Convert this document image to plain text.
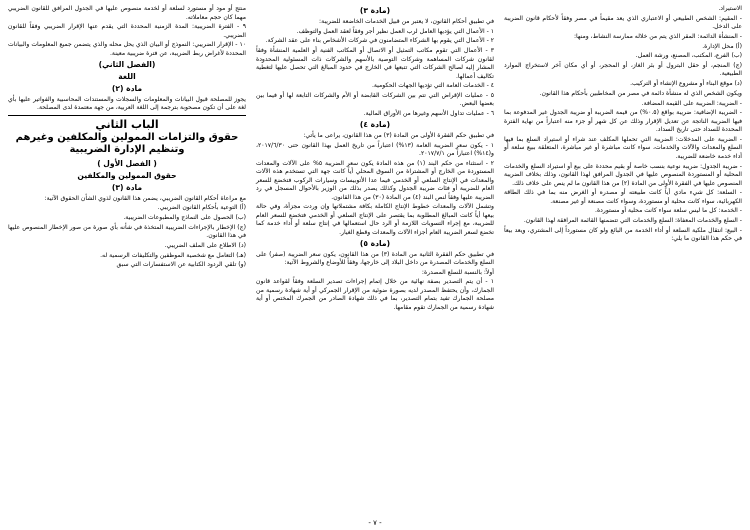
الاستيراد.

- المقيم: الشخص الطبيعي أو الاعتباري الذي يعد مقيماً في مصر وفقاً لأحكام قانون الضريبة على الدخل.

- المنشأة الدائمة: المقر الذي يتم من خلاله ممارسة النشاط، ومنها:

(أ) محل الإدارة.

(ب) الفرع، المكتب، المصنع، ورشة العمل.

(ج) المنجم، أو حقل البترول أو بئر الغاز، أو المحجر، أو أي مكان آخر لاستخراج الموارد الطبيعية.

(د) موقع البناء أو مشروع الإنشاء أو التركيب.

ويكون الشخص الذي له منشأة دائمة في مصر من المخاطبين بأحكام هذا القانون.

- الضريبة: الضريبة على القيمة المضافة.

- الضريبة الإضافية: ضريبة بواقع (٠.٥%) من قيمة الضريبة أو ضريبة الجدول غير المدفوعة بما فيها الضريبة الناتجة عن تعديل الإقرار وذلك عن كل شهر أو جزء منه اعتباراً من نهاية الفترة المحددة للسداد حتى تاريخ السداد.

- الضريبة على المدخلات: الضريبة التي تحملها المكلف عند شراء أو استيراد السلع بما فيها السلع والمعدات والآلات والخدمات، سواء كانت مباشرة أو غير مباشرة، المتعلقة ببيع سلعة أو أداء خدمة خاضعة للضريبة.

- ضريبة الجدول: ضريبة نوعية بنسب خاصة أو بقيم محددة على بيع أو استيراد السلع والخدمات المحلية أو المستوردة المنصوص عليها في الجدول المرافق لهذا القانون، وذلك بخلاف الضريبة المنصوص عليها في الفقرة الأولى من المادة (٢) من هذا القانون ما لم ينص على خلاف ذلك.

- السلعة: كل شيء مادي أياً كانت طبيعته أو مصدره أو الغرض منه بما في ذلك الطاقة الكهربائية، سواء كانت محلية أو مستوردة، وسواء كانت مصنعة أو غير مصنعة.

- الخدمة: كل ما ليس سلعة سواء كانت محلية أو مستوردة.

- السلع والخدمات المعفاة: السلع والخدمات التي تتضمنها القائمة المرافقة لهذا القانون.

- البيع: انتقال ملكية السلعة أو أداء الخدمة من البائع ولو كان مستورداً إلى المشتري، ويعد بيعاً في حكم هذا القانون ما يلي:

(مادة ٣)

في تطبيق أحكام القانون، لا يعتبر من قبيل الخدمات الخاضعة للضريبة:

١ - الأعمال التي يؤديها العامل لرب العمل نظير أجر وفقاً لعقد العمل والتوظف.

٢ - الأعمال التي يقوم بها الشركاء المتضامنون في شركات الأشخاص بناء على عقد الشركة.

٣ - الأعمال التي تقوم مكاتب التمثيل أو الاتصال أو المكاتب الفنية أو العلمية المنشأة وفقاً لقانون شركات المساهمة وشركات التوصية بالأسهم والشركات ذات المسئولية المحدودة المشار إليه لصالح الشركات التي تتبعها في الخارج في حدود المبالغ التي تحصل عليها لتغطية تكاليف أعمالها.

٤ - الخدمات العامة التي تؤديها الجهات الحكومية.

٥ - عمليات الإقراض التي تتم بين الشركات القابضة أو الأم والشركات التابعة لها أو فيما بين بعضها البعض.

٦ - عمليات تداول الأسهم وغيرها من الأوراق المالية.

(مادة ٤)

في تطبيق حكم الفقرة الأولى من المادة (٣) من هذا القانون، يراعى ما يأتي:

١ - يكون سعر الضريبة العامة (١٣%) اعتباراً من تاريخ العمل بهذا القانون حتى ٢٠١٧/٦/٣٠، و(١٤%) اعتباراً من ٢٠١٧/٧/١.

٢ - استثناء من حكم البند (١) من هذه المادة يكون سعر الضريبة ٥% على الآلات والمعدات المستوردة من الخارج أو المشتراة من السوق المحلي أياً كانت جهة التي تستخدم هذه الآلات والمعدات في الإنتاج السلعي أو الخدمي فيما عدا الأتوبيسات وسيارات الركوب فتخضع للسعر العام للضريبة أو فئات ضريبة الجدول وكذلك يصدر بذلك من الوزير بالأحوال المسجل في رد الضريبة عليها وفقاً لنص البند (٤) من المادة (٣٠) من هذا القانون.

وتشمل الآلات والمعدات خطوط الإنتاج الكاملة بكافة مشتملاتها وإن وردت مجزأة، وفي حالة بيعها أياً كانت المبالغ المطلوبة بما يقتصر على الإنتاج السلعي أو الخدمي فتخضع للسعر العام للضريبة، مع إجراء التسويات اللازمة أو الرد حال استعمالها في إنتاج سلعة أو أداء خدمة كما تخضع لسعر الضريبة العام أجزاء الآلات والمعدات وقطع الغيار.

(مادة ٥)

في تطبيق حكم الفقرة الثانية من المادة (٣) من هذا القانون، يكون سعر الضريبة (صفر) على السلع والخدمات المصدرة من داخل البلاد إلى خارجها، وفقاً للأوضاع والشروط الآتية:

أولاً: بالنسبة للسلع المصدرة:

١ - أن يتم التصدير بصفة نهائية من خلال إتمام إجراءات تصدير السلعة وفقاً لقواعد قانون الجمارك، وأن يحتفظ المصدر لديه بصورة ضوئية من الإقرار الجمركي أو أية شهادة رسمية من مصلحة الجمارك تفيد بتمام التصدير، بما في ذلك شهادة الصادر من الجمرك المختص أو أية شهادة رسمية من الجمارك تقوم مقامها.

منتج أو مود أو مستورد لسلعة أو لخدمة منصوص عليها في الجدول المرافق للقانون الضريبي مهما كان حجم معاملاته.

٩ - الفترة الضريبية: المدة الزمنية المحددة التي يقدم عنها الإقرار الضريبي وفقاً للقانون الضريبي.

١٠ - الإقرار الضريبي: النموذج أو البيان الذي يحل محله والذي يتضمن جميع المعلومات والبيانات المحددة لأغراض ربط الضريبة، عن فترة ضريبية معينة.

(الفصل الثاني)
اللغة
مادة (٢)

يجوز للمصلحة قبول البيانات والمعلومات والسجلات والمستندات المحاسبية والفواتير عليها بأي لغة على أن تكون مصحوبة بترجمة إلى اللغة العربية، من جهة معتمدة لدى المصلحة.

الباب الثاني
حقوق والتزامات الممولين والمكلفين وغيرهم وتنظيم الإدارة الضريبية
( الفصل الأول )
حقوق الممولين والمكلفين
مادة (٣)

مع مراعاة أحكام القانون الضريبي، يضمن هذا القانون لذوي الشأن الحقوق الآتية:

(أ) التوعية بأحكام القانون الضريبي.

(ب) الحصول على النماذج والمطبوعات الضريبية.

(ج) الإخطار بالإجراءات الضريبية المتخذة في شأنه بأي صورة من صور الإخطار المنصوص عليها في هذا القانون.

(د) الاطلاع على الملف الضريبي.

(هـ) التعامل مع شخصية الموظفين والتكليفات الرسمية له.

(و) تلقي الردود الكتابية عن الاستفسارات التي سبق

- ٧ -
